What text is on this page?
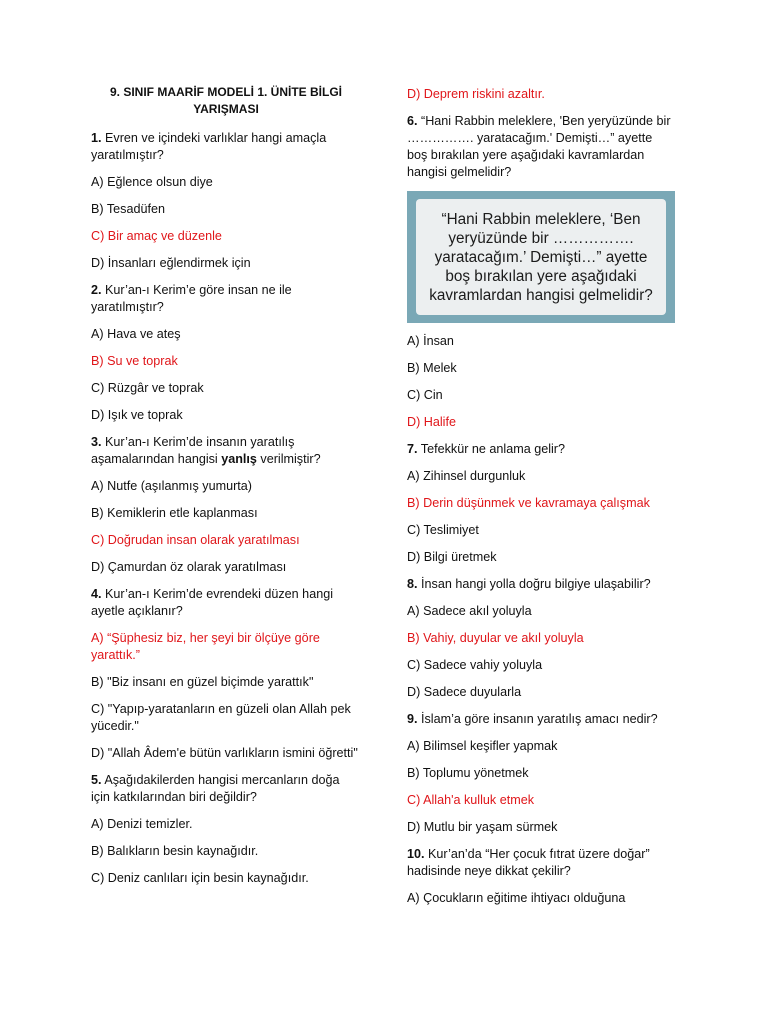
9. SINIF MAARİF MODELİ 1. ÜNİTE BİLGİ YARIŞMASI
1. Evren ve içindeki varlıklar hangi amaçla yaratılmıştır?
A) Eğlence olsun diye
B) Tesadüfen
C) Bir amaç ve düzenle
D) İnsanları eğlendirmek için
2. Kur’an-ı Kerim’e göre insan ne ile yaratılmıştır?
A) Hava ve ateş
B) Su ve toprak
C) Rüzgâr ve toprak
D) Işık ve toprak
3. Kur’an-ı Kerim’de insanın yaratılış aşamalarından hangisi yanlış verilmiştir?
A) Nutfe (aşılanmış yumurta)
B) Kemiklerin etle kaplanması
C) Doğrudan insan olarak yaratılması
D) Çamurdan öz olarak yaratılması
4. Kur’an-ı Kerim’de evrendeki düzen hangi ayetle açıklanır?
A) “Şüphesiz biz, her şeyi bir ölçüye göre yarattık.”
B) "Biz insanı en güzel biçimde yarattık"
C) "Yapıp-yaratanların en güzeli olan Allah pek yücedir."
D) "Allah Âdem'e bütün varlıkların ismini öğretti"
5. Aşağıdakilerden hangisi mercanların doğa için katkılarından biri değildir?
A) Denizi temizler.
B) Balıkların besin kaynağıdır.
C) Deniz canlıları için besin kaynağıdır.
D) Deprem riskini azaltır.
6. “Hani Rabbin meleklere, 'Ben yeryüzünde bir ……………. yaratacağım.' Demişti…” ayette boş bırakılan yere aşağıdaki kavramlardan hangisi gelmelidir?
“Hani Rabbin meleklere, ‘Ben yeryüzünde bir ……………. yaratacağım.’ Demişti…” ayette boş bırakılan yere aşağıdaki kavramlardan hangisi gelmelidir?
A) İnsan
B) Melek
C) Cin
D) Halife
7. Tefekkür ne anlama gelir?
A) Zihinsel durgunluk
B) Derin düşünmek ve kavramaya çalışmak
C) Teslimiyet
D) Bilgi üretmek
8. İnsan hangi yolla doğru bilgiye ulaşabilir?
A) Sadece akıl yoluyla
B) Vahiy, duyular ve akıl yoluyla
C) Sadece vahiy yoluyla
D) Sadece duyularla
9. İslam’a göre insanın yaratılış amacı nedir?
A) Bilimsel keşifler yapmak
B) Toplumu yönetmek
C) Allah'a kulluk etmek
D) Mutlu bir yaşam sürmek
10. Kur’an’da “Her çocuk fıtrat üzere doğar” hadisinde neye dikkat çekilir?
A) Çocukların eğitime ihtiyacı olduğuna
